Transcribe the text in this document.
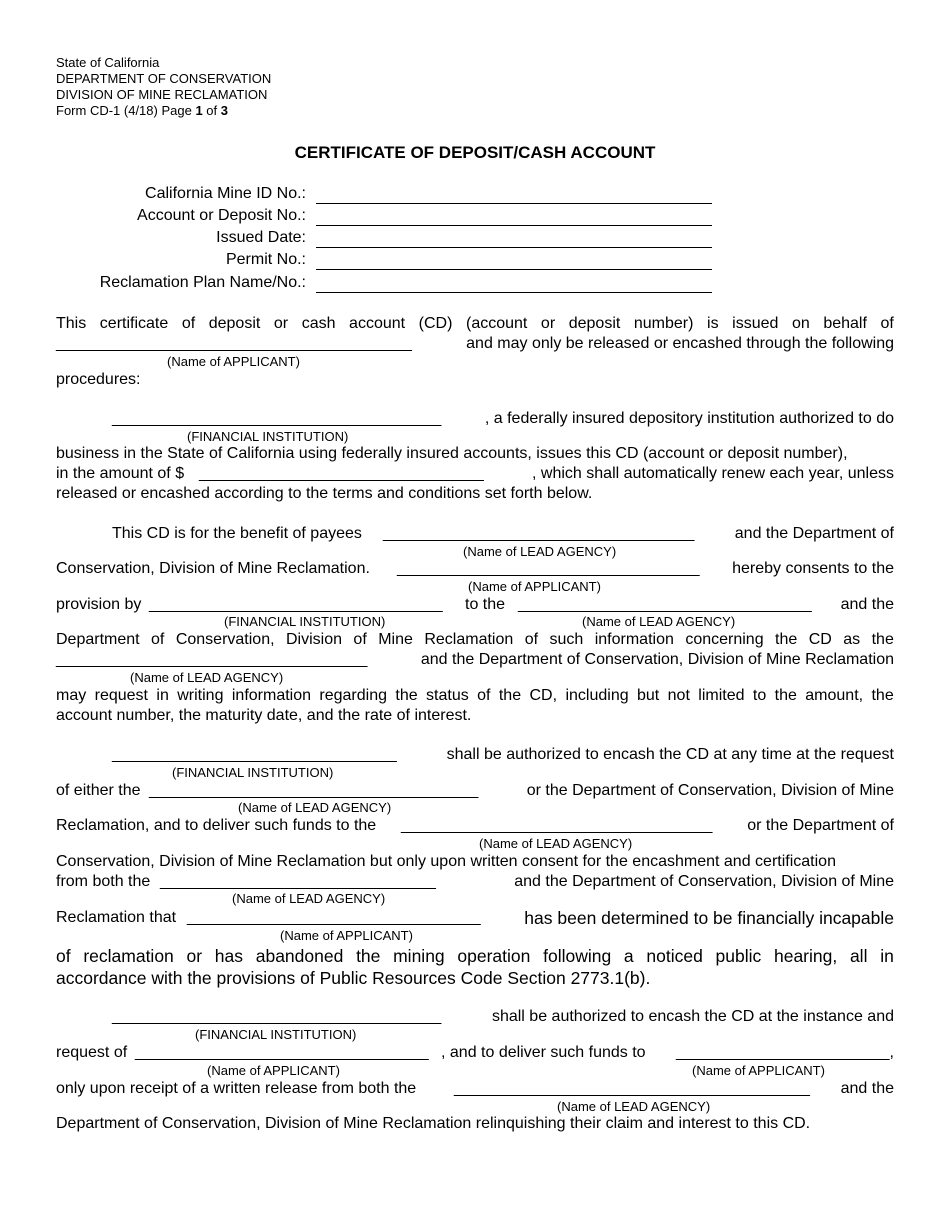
State of California

DEPARTMENT OF CONSERVATION

DIVISION OF MINE RECLAMATION

Form CD-1 (4/18) Page 1 of 3

CERTIFICATE OF DEPOSIT/CASH ACCOUNT

California Mine ID No.:

Account or Deposit No.:

Issued Date:

Permit No.:

Reclamation Plan Name/No.:

This certificate of deposit or cash account (CD) (account or deposit number) is issued on behalf of

________________________________________	and may only be released or encashed through the following

(Name of APPLICANT)

procedures:

_____________________________________	, a federally insured depository institution authorized to do

(FINANCIAL INSTITUTION)

business in the State of California using federally insured accounts, issues this CD (account or deposit number),

in the amount of $ ________________________________	, which shall automatically renew each year, unless

released or encashed according to the terms and conditions set forth below.

This CD is for the benefit of payees ___________________________________	and the Department of

(Name of LEAD AGENCY)

Conservation, Division of Mine Reclamation. __________________________________ hereby consents to the

(Name of APPLICANT)

provision by _________________________________ to the _________________________________ and the

(FINANCIAL INSTITUTION)	(Name of LEAD AGENCY)

Department of Conservation, Division of Mine Reclamation of such information concerning the CD as the

___________________________________	and the Department of Conservation, Division of Mine Reclamation

(Name of LEAD AGENCY)

may request in writing information regarding the status of the CD, including but not limited to the amount, the

account number, the maturity date, and the rate of interest.

________________________________	shall be authorized to encash the CD at any time at the request

(FINANCIAL INSTITUTION)

of either the _____________________________________	or the Department of Conservation, Division of Mine

(Name of LEAD AGENCY)

Reclamation, and to deliver such funds to the ___________________________________ or the Department of

(Name of LEAD AGENCY)

Conservation, Division of Mine Reclamation but only upon written consent for the encashment and certification

from both the _______________________________	and the Department of Conservation, Division of Mine

(Name of LEAD AGENCY)

Reclamation that _________________________________ has been determined to be financially incapable

(Name of APPLICANT)

of reclamation or has abandoned the mining operation following a noticed public hearing, all in

accordance with the provisions of Public Resources Code Section 2773.1(b).

_____________________________________	shall be authorized to encash the CD at the instance and

(FINANCIAL INSTITUTION)

request of _________________________________ , and to deliver such funds to ________________________,

(Name of APPLICANT)	(Name of APPLICANT)

only upon receipt of a written release from both the ________________________________________ and the

(Name of LEAD AGENCY)

Department of Conservation, Division of Mine Reclamation relinquishing their claim and interest to this CD.
